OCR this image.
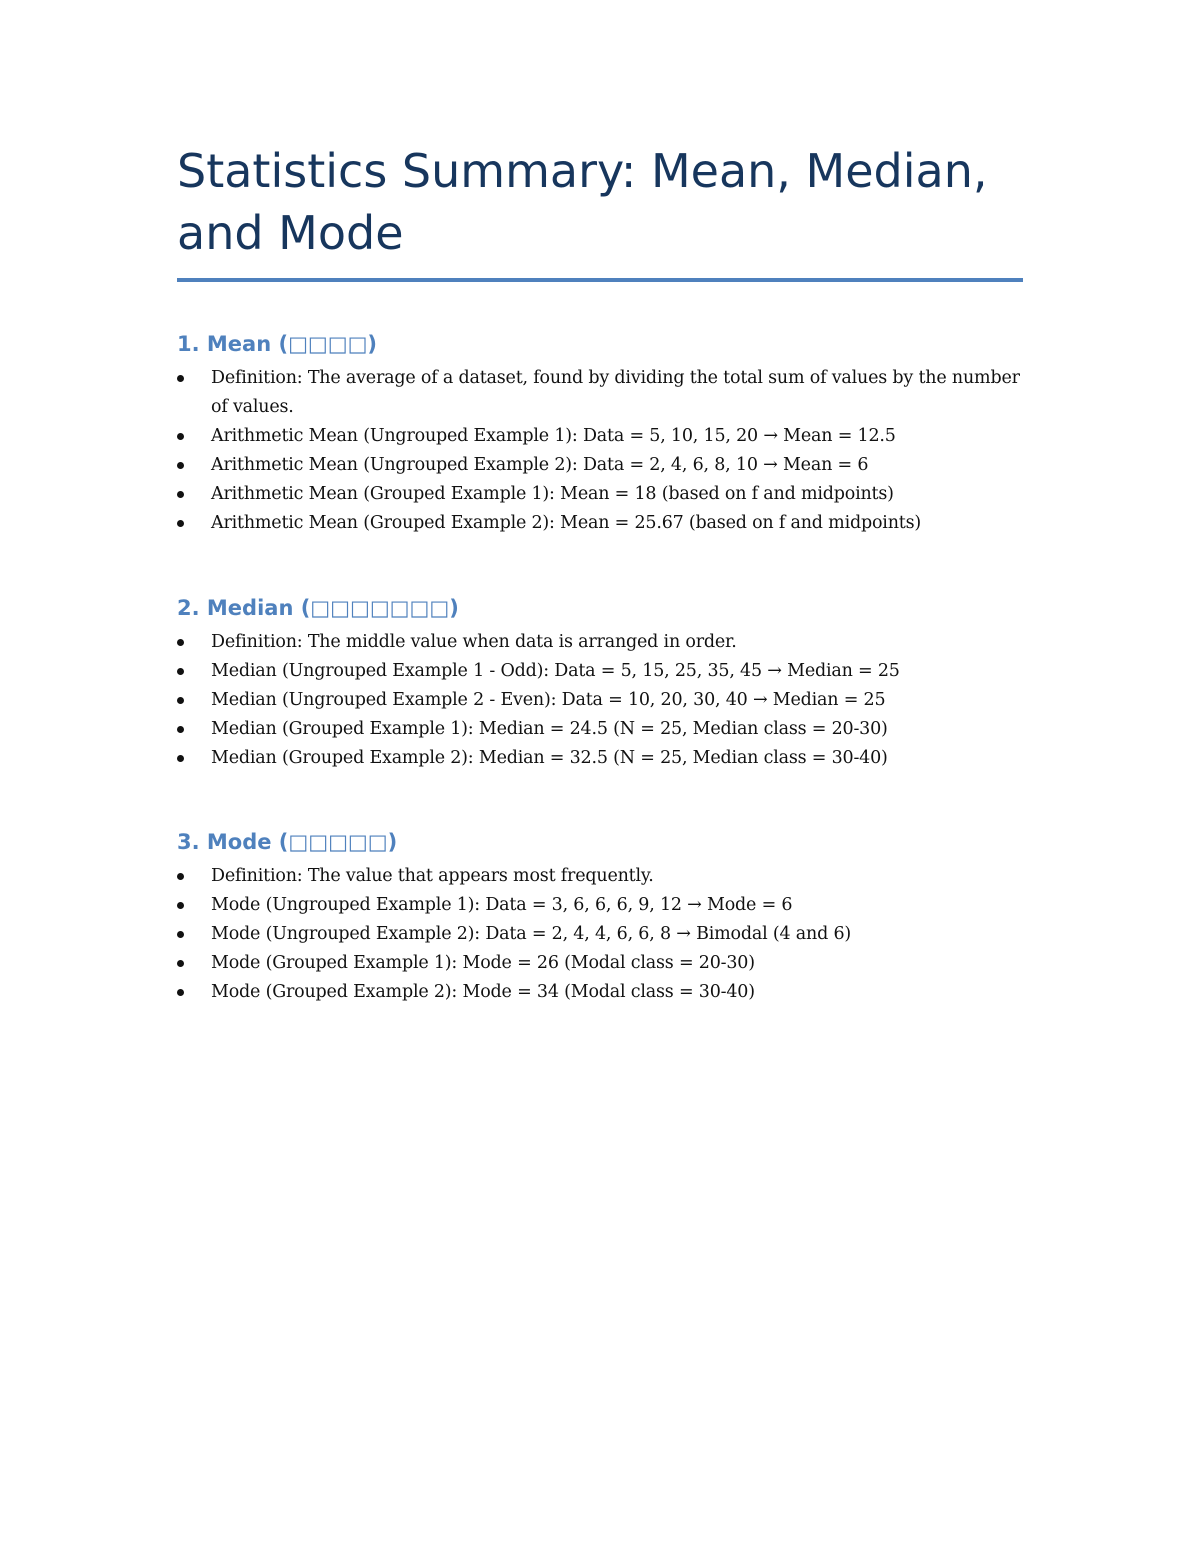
Statistics Summary: Mean, Median, and Mode
1. Mean (□□□□)
Definition: The average of a dataset, found by dividing the total sum of values by the number of values.
Arithmetic Mean (Ungrouped Example 1): Data = 5, 10, 15, 20 → Mean = 12.5
Arithmetic Mean (Ungrouped Example 2): Data = 2, 4, 6, 8, 10 → Mean = 6
Arithmetic Mean (Grouped Example 1): Mean = 18 (based on f and midpoints)
Arithmetic Mean (Grouped Example 2): Mean = 25.67 (based on f and midpoints)
2. Median (□□□□□□□)
Definition: The middle value when data is arranged in order.
Median (Ungrouped Example 1 - Odd): Data = 5, 15, 25, 35, 45 → Median = 25
Median (Ungrouped Example 2 - Even): Data = 10, 20, 30, 40 → Median = 25
Median (Grouped Example 1): Median = 24.5 (N = 25, Median class = 20-30)
Median (Grouped Example 2): Median = 32.5 (N = 25, Median class = 30-40)
3. Mode (□□□□□)
Definition: The value that appears most frequently.
Mode (Ungrouped Example 1): Data = 3, 6, 6, 6, 9, 12 → Mode = 6
Mode (Ungrouped Example 2): Data = 2, 4, 4, 6, 6, 8 → Bimodal (4 and 6)
Mode (Grouped Example 1): Mode = 26 (Modal class = 20-30)
Mode (Grouped Example 2): Mode = 34 (Modal class = 30-40)
